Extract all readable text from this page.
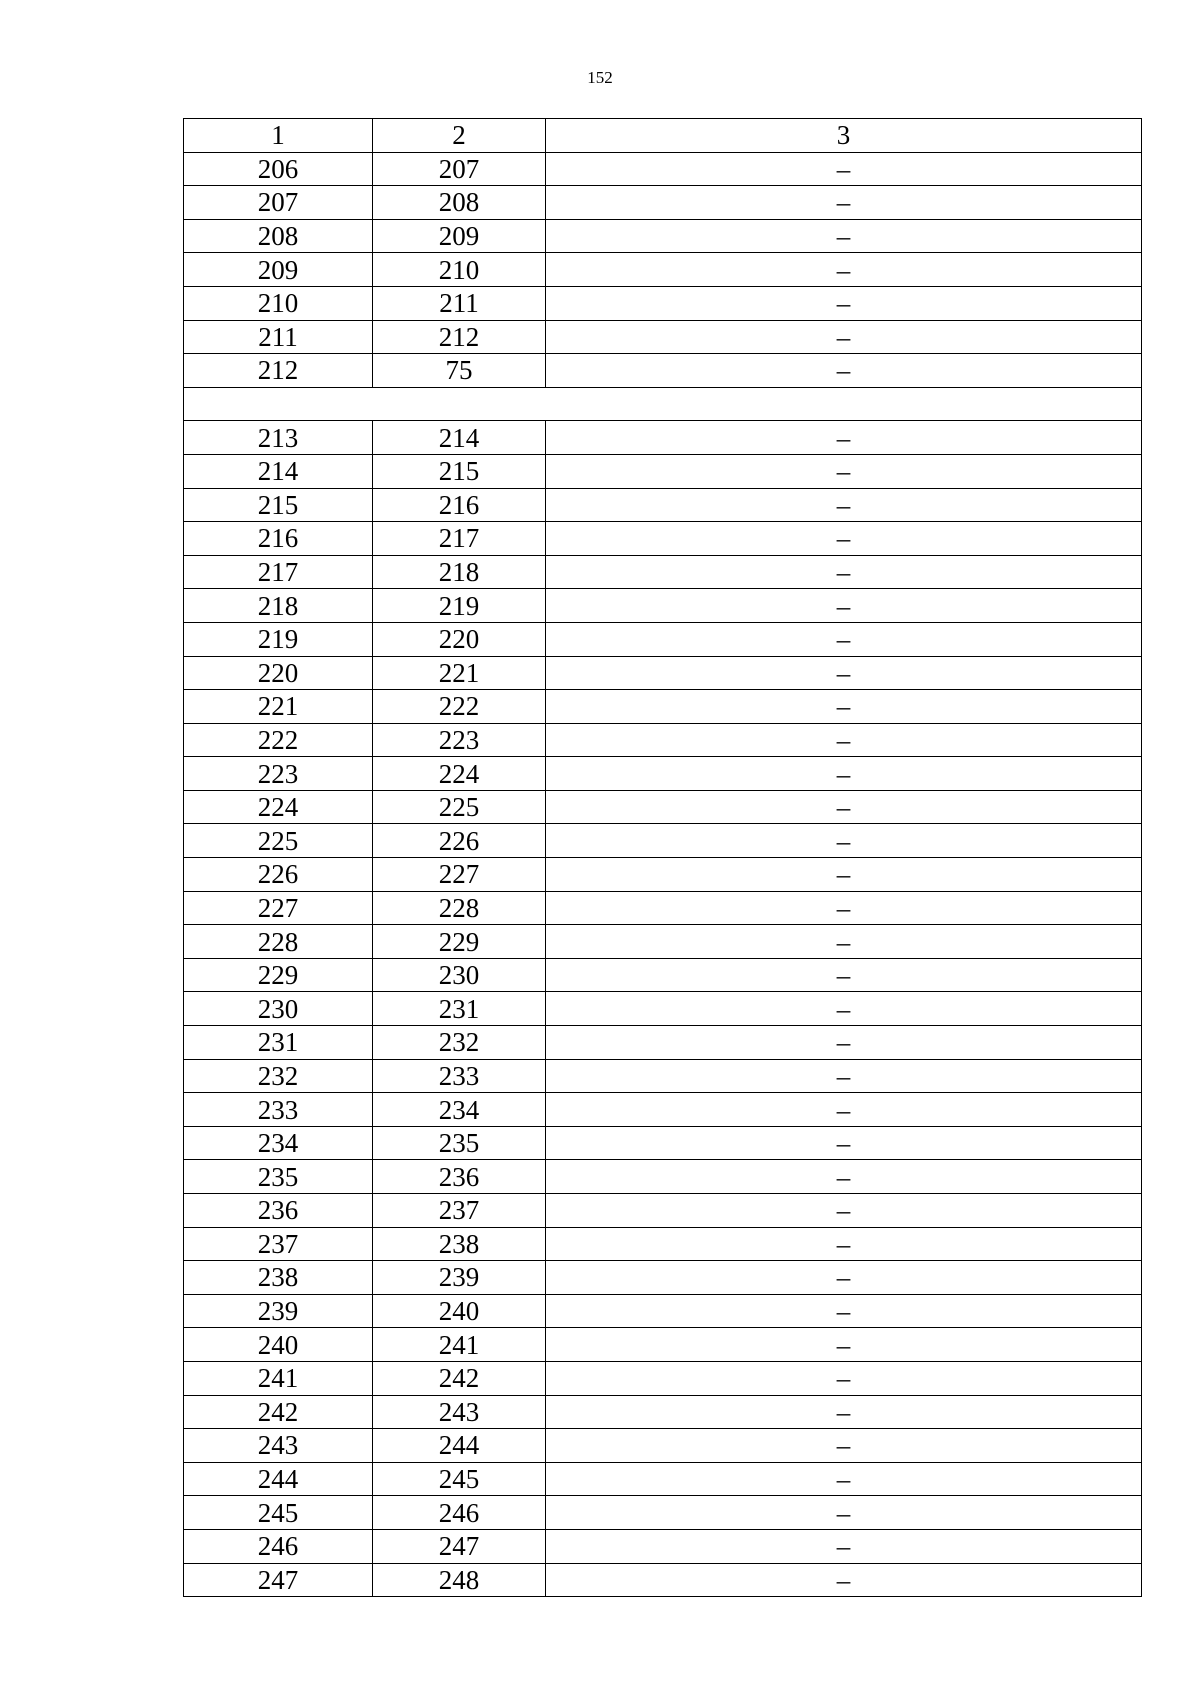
152
1	2	3
206	207	–
207	208	–
208	209	–
209	210	–
210	211	–
211	212	–
212	75	–

213	214	–
214	215	–
215	216	–
216	217	–
217	218	–
218	219	–
219	220	–
220	221	–
221	222	–
222	223	–
223	224	–
224	225	–
225	226	–
226	227	–
227	228	–
228	229	–
229	230	–
230	231	–
231	232	–
232	233	–
233	234	–
234	235	–
235	236	–
236	237	–
237	238	–
238	239	–
239	240	–
240	241	–
241	242	–
242	243	–
243	244	–
244	245	–
245	246	–
246	247	–
247	248	–
